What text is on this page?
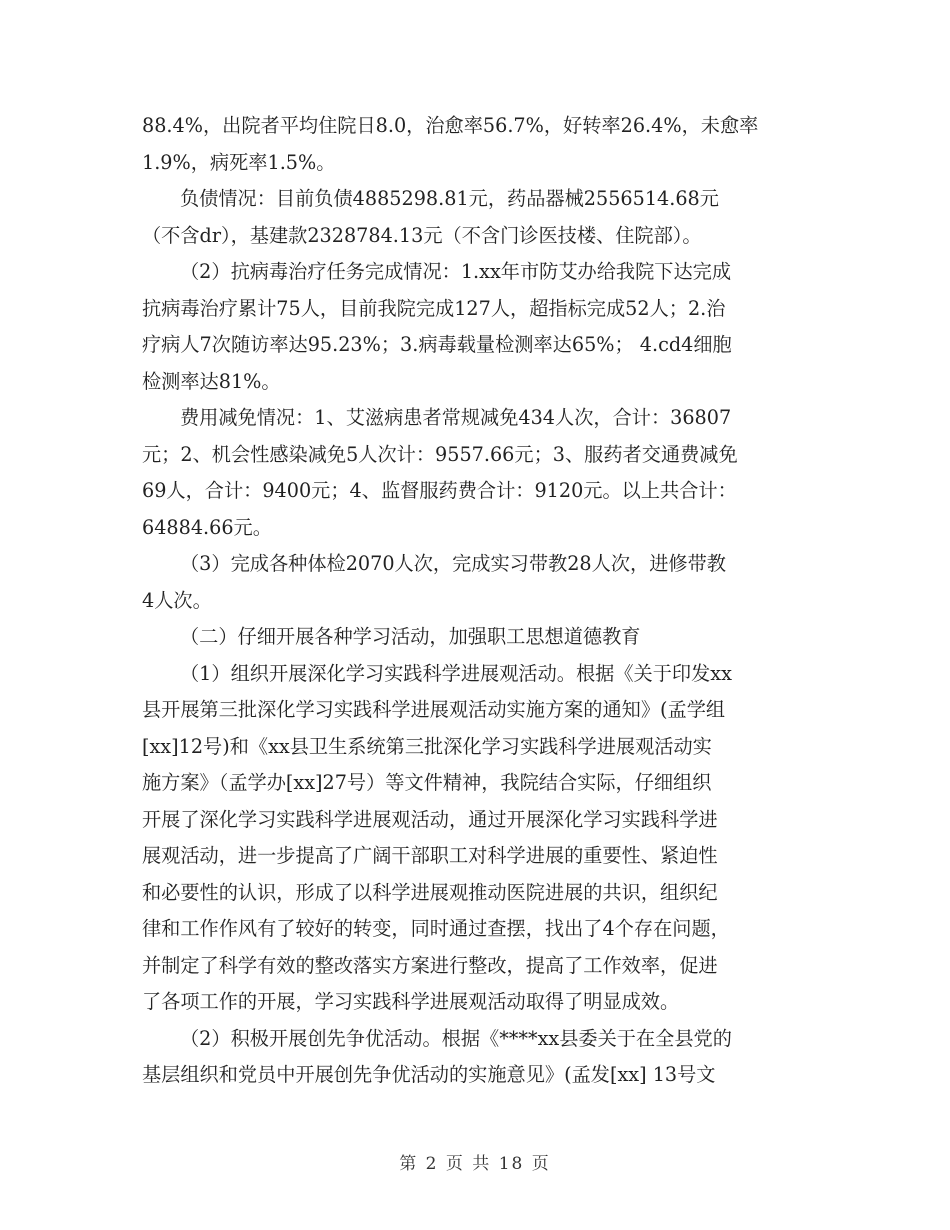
88.4%，出院者平均住院日8.0，治愈率56.7%，好转率26.4%，未愈率
1.9%，病死率1.5%。
负债情况：目前负债4885298.81元，药品器械2556514.68元
（不含dr），基建款2328784.13元（不含门诊医技楼、住院部）。
（2）抗病毒治疗任务完成情况：1.xx年市防艾办给我院下达完成
抗病毒治疗累计75人，目前我院完成127人，超指标完成52人；2.治
疗病人7次随访率达95.23%；3.病毒载量检测率达65%； 4.cd4细胞
检测率达81%。
费用减免情况：1、艾滋病患者常规减免434人次，合计：36807
元；2、机会性感染减免5人次计：9557.66元；3、服药者交通费减免
69人，合计：9400元；4、监督服药费合计：9120元。以上共合计：
64884.66元。
（3）完成各种体检2070人次，完成实习带教28人次，进修带教
4人次。
（二）仔细开展各种学习活动，加强职工思想道德教育
（1）组织开展深化学习实践科学进展观活动。根据《关于印发xx
县开展第三批深化学习实践科学进展观活动实施方案的通知》(孟学组
[xx]12号)和《xx县卫生系统第三批深化学习实践科学进展观活动实
施方案》（孟学办[xx]27号）等文件精神，我院结合实际，仔细组织
开展了深化学习实践科学进展观活动，通过开展深化学习实践科学进
展观活动，进一步提高了广阔干部职工对科学进展的重要性、紧迫性
和必要性的认识，形成了以科学进展观推动医院进展的共识，组织纪
律和工作作风有了较好的转变，同时通过查摆，找出了4个存在问题，
并制定了科学有效的整改落实方案进行整改，提高了工作效率，促进
了各项工作的开展，学习实践科学进展观活动取得了明显成效。
（2）积极开展创先争优活动。根据《****xx县委关于在全县党的
基层组织和党员中开展创先争优活动的实施意见》(孟发[xx] 13号文
第 2 页 共 18 页
